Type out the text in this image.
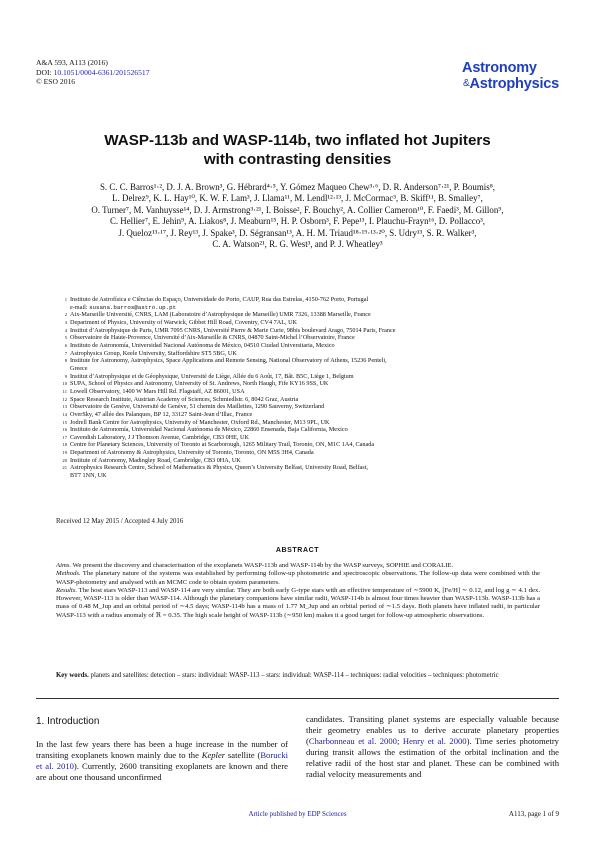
A&A 593, A113 (2016)
DOI: 10.1051/0004-6361/201526517
© ESO 2016
Astronomy
&Astrophysics
WASP-113b and WASP-114b, two inflated hot Jupiters
with contrasting densities
S. C. C. Barros¹·², D. J. A. Brown³, G. Hébrard⁴·⁵, Y. Gómez Maqueo Chew³·⁶, D. R. Anderson⁷·²¹, P. Boumis⁸,
L. Delrez⁹, K. L. Hay¹⁰, K. W. F. Lam³, J. Llama¹¹, M. Lendl¹²·¹³, J. McCormac³, B. Skiff¹¹, B. Smalley⁷,
O. Turner⁷, M. Vanhuysse¹⁴, D. J. Armstrong³·²¹, I. Boisse², F. Bouchy², A. Collier Cameron¹⁰, F. Faedi³, M. Gillon⁹,
C. Hellier⁷, E. Jehin⁹, A. Liakos⁸, J. Meaburn¹⁵, H. P. Osborn³, F. Pepe¹³, I. Plauchu-Frayn¹⁶, D. Pollacco³,
J. Queloz¹³·¹⁷, J. Rey¹³, J. Spake³, D. Ségransan¹³, A. H. M. Triaud¹⁸·¹⁹·¹³·²⁰, S. Udry¹³, S. R. Walker³,
C. A. Watson²¹, R. G. West³, and P. J. Wheatley³
1 Instituto de Astrofísica e Ciências do Espaço, Universidade do Porto, CAUP, Rua das Estrelas, 4150-762 Porto, Portugal
e-mail: susana.barros@astro.up.pt
2 Aix-Marseille Université, CNRS, LAM (Laboratoire d’Astrophysique de Marseille) UMR 7326, 13388 Marseille, France
3 Department of Physics, University of Warwick, Gibbet Hill Road, Coventry, CV4 7AL, UK
4 Institut d’Astrophysique de Paris, UMR 7095 CNRS, Université Pierre & Marie Curie, 98bis boulevard Arago, 75014 Paris, France
5 Observatoire de Haute-Provence, Université d’Aix-Marseille & CNRS, 04870 Saint-Michel l’Observatoire, France
6 Instituto de Astronomía, Universidad Nacional Autónoma de México, 04510 Ciudad Universitaria, Mexico
7 Astrophysics Group, Keele University, Staffordshire ST5 5BG, UK
8 Institute for Astronomy, Astrophysics, Space Applications and Remote Sensing, National Observatory of Athens, 15236 Penteli,
Greece
9 Institut d’Astrophysique et de Géophysique, Université de Liège, Allée du 6 Août, 17, Bât. B5C, Liège 1, Belgium
10 SUPA, School of Physics and Astronomy, University of St. Andrews, North Haugh, Fife KY16 9SS, UK
11 Lowell Observatory, 1400 W Mars Hill Rd. Flagstaff, AZ 86001, USA
12 Space Research Institute, Austrian Academy of Sciences, Schmiedlstr. 6, 8042 Graz, Austria
13 Observatoire de Genève, Université de Genève, 51 chemin des Maillettes, 1290 Sauverny, Switzerland
14 OverSky, 47 allée des Palanques, BP 12, 33127 Saint-Jean d’Illac, France
15 Jodrell Bank Centre for Astrophysics, University of Manchester, Oxford Rd., Manchester, M13 9PL, UK
16 Instituto de Astronomía, Universidad Nacional Autónoma de México, 22860 Ensenada, Baja California, Mexico
17 Cavendish Laboratory, J J Thomson Avenue, Cambridge, CB3 0HE, UK
18 Centre for Planetary Sciences, University of Toronto at Scarborough, 1265 Military Trail, Toronto, ON, M1C 1A4, Canada
19 Department of Astronomy & Astrophysics, University of Toronto, Toronto, ON M5S 3H4, Canada
20 Institute of Astronomy, Madingley Road, Cambridge, CB3 0HA, UK
21 Astrophysics Research Centre, School of Mathematics & Physics, Queen’s University Belfast, University Road, Belfast,
BT7 1NN, UK
Received 12 May 2015 / Accepted 4 July 2016
ABSTRACT

Aims. We present the discovery and characterisation of the exoplanets WASP-113b and WASP-114b by the WASP surveys, SOPHIE and CORALIE.

Methods. The planetary nature of the systems was established by performing follow-up photometric and spectroscopic observations. The follow-up data were combined with the WASP-photometry and analysed with an MCMC code to obtain system parameters.

Results. The host stars WASP-113 and WASP-114 are very similar. They are both early G-type stars with an effective temperature of ∼5900 K, [Fe/H] ∼ 0.12, and log g ∼ 4.1 dex. However, WASP-113 is older than WASP-114. Although the planetary companions have similar radii, WASP-114b is almost four times heavier than WASP-113b. WASP-113b has a mass of 0.48 M_Jup and an orbital period of ∼4.5 days; WASP-114b has a mass of 1.77 M_Jup and an orbital period of ∼1.5 days. Both planets have inflated radii, in particular WASP-113 with a radius anomaly of ℜ = 0.35. The high scale height of WASP-113b (∼950 km) makes it a good target for follow-up atmospheric observations.

Key words. planets and satellites: detection – stars: individual: WASP-113 – stars: individual: WASP-114 – techniques: radial velocities – techniques: photometric
1. Introduction
In the last few years there has been a huge increase in the number of transiting exoplanets known mainly due to the Kepler satellite (Borucki et al. 2010). Currently, 2600 transiting exoplanets are known and there are about one thousand unconfirmed
candidates. Transiting planet systems are especially valuable because their geometry enables us to derive accurate planetary properties (Charbonneau et al. 2000; Henry et al. 2000). Time series photometry during transit allows the estimation of the orbital inclination and the relative radii of the host star and planet. These can be combined with radial velocity measurements and
Article published by EDP Sciences	A113, page 1 of 9
